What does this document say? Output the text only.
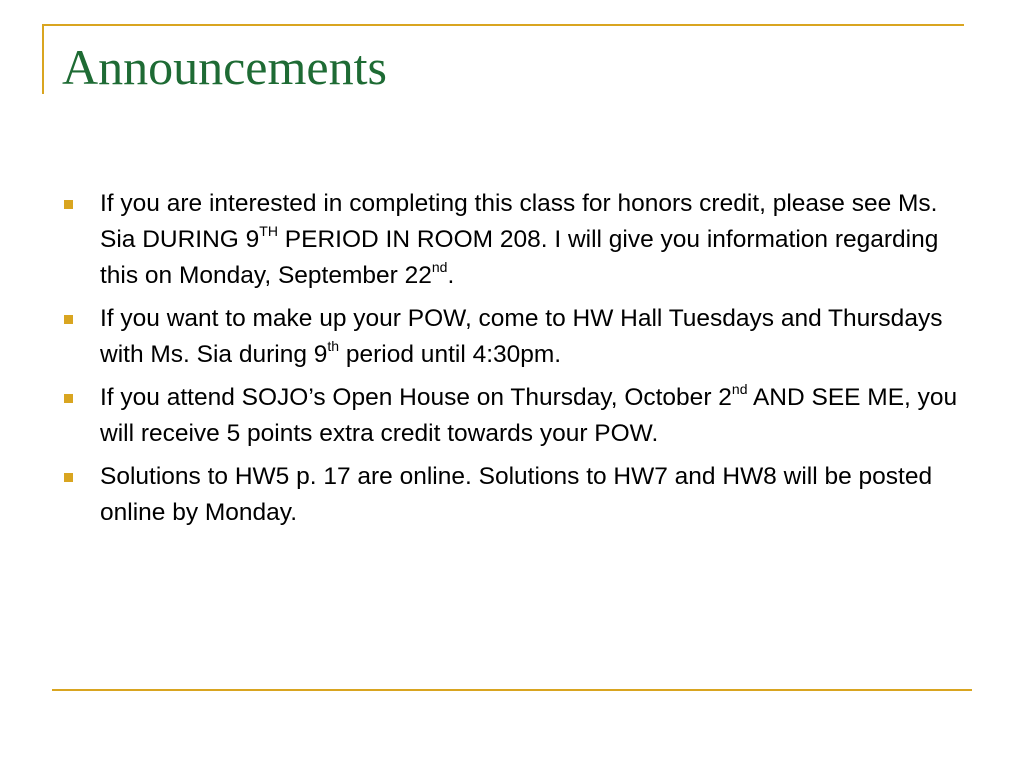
Announcements
If you are interested in completing this class for honors credit, please see Ms. Sia DURING 9TH PERIOD IN ROOM 208. I will give you information regarding this on Monday, September 22nd.
If you want to make up your POW, come to HW Hall Tuesdays and Thursdays with Ms. Sia during 9th period until 4:30pm.
If you attend SOJO’s Open House on Thursday, October 2nd AND SEE ME, you will receive 5 points extra credit towards your POW.
Solutions to HW5 p. 17 are online. Solutions to HW7 and HW8 will be posted online by Monday.
